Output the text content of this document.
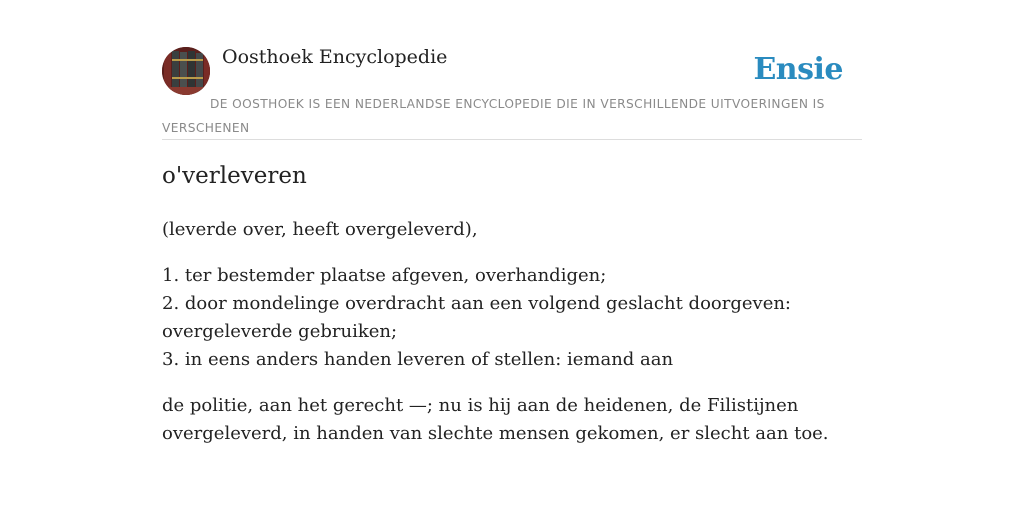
Oosthoek Encyclopedie	Ensie
DE OOSTHOEK IS EEN NEDERLANDSE ENCYCLOPEDIE DIE IN VERSCHILLENDE UITVOERINGEN IS VERSCHENEN
o'verleveren

(leverde over, heeft overgeleverd),

1. ter bestemder plaatse afgeven, overhandigen;
2. door mondelinge overdracht aan een volgend geslacht doorgeven: overgeleverde gebruiken;
3. in eens anders handen leveren of stellen: iemand aan

de politie, aan het gerecht —; nu is hij aan de heidenen, de Filistijnen overgeleverd, in handen van slechte mensen gekomen, er slecht aan toe.
